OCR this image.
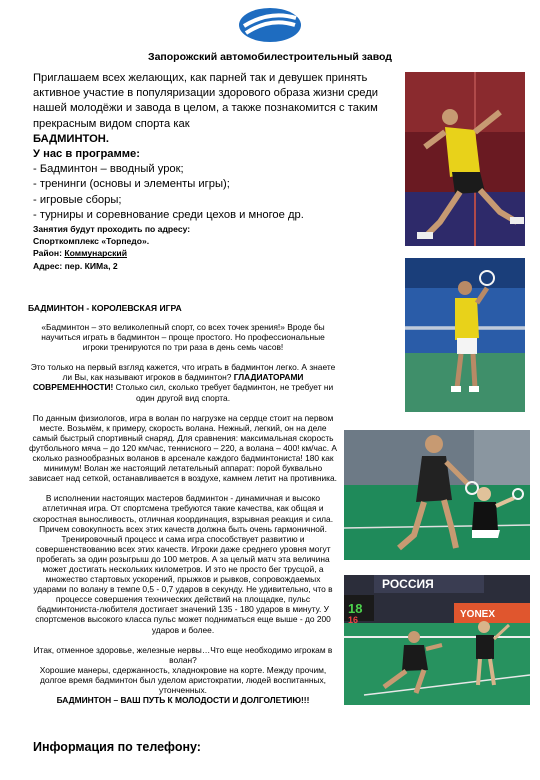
Запорожский автомобилестроительный завод

Приглашаем всех желающих, как парней так и девушек принять активное участие в популяризации здорового образа жизни среди нашей молодёжи и завода в целом, а также познакомится с таким прекрасным видом спорта как

БАДМИНТОН.

У нас в программе:

- Бадминтон – вводный урок;
- тренинги (основы и элементы игры);
- игровые сборы;
- турниры и соревнование среди цехов и многое др.
Занятия будут проходить по адресу:
Спорткомплекс «Торпедо».
Район: Коммунарский
Адрес: пер. КИМа, 2
БАДМИНТОН - КОРОЛЕВСКАЯ ИГРА

«Бадминтон – это великолепный спорт, со всех точек зрения!» Вроде бы научиться играть в бадминтон – проще простого. Но профессиональные игроки тренируются по три раза в день семь часов!

Это только на первый взгляд кажется, что играть в бадминтон легко. А знаете ли Вы, как называют игроков в бадминтон? ГЛАДИАТОРАМИ СОВРЕМЕННОСТИ! Столько сил, сколько требует бадминтон, не требует ни один другой вид спорта.

По данным физиологов, игра в волан по нагрузке на сердце стоит на первом месте. Возьмём, к примеру, скорость волана. Нежный, легкий, он на деле самый быстрый спортивный снаряд. Для сравнения: максимальная скорость футбольного мяча – до 120 км/час, теннисного – 220, а волана – 400! км/час. А сколько разнообразных воланов в арсенале каждого бадминтониста! 180 как минимум! Волан же настоящий летательный аппарат: порой буквально зависает над сеткой, останавливается в воздухе, камнем летит на противника.

В исполнении настоящих мастеров бадминтон - динамичная и высоко атлетичная игра. От спортсмена требуются такие качества, как общая и скоростная выносливость, отличная координация, взрывная реакция и сила. Причем совокупность всех этих качеств должна быть очень гармоничной. Тренировочный процесс и сама игра способствует развитию и совершенствованию всех этих качеств. Игроки даже среднего уровня могут пробегать за один розыгрыш до 100 метров. А за целый матч эта величина может достигать нескольких километров. И это не просто бег трусцой, а множество стартовых ускорений, прыжков и рывков, сопровождаемых ударами по волану в темпе 0,5 - 0,7 ударов в секунду. Не удивительно, что в процессе совершения технических действий на площадке, пульс бадминтониста-любителя достигает значений 135 - 180 ударов в минуту. У спортсменов высокого класса пульс может подниматься еще выше - до 200 ударов и более.

Итак, отменное здоровье, железные нервы…Что еще необходимо игрокам в волан?

Хорошие манеры, сдержанность, хладнокровие на корте. Между прочим, долгое время бадминтон был уделом аристократии, людей воспитанных, утонченных.

БАДМИНТОН – ВАШ ПУТЬ К МОЛОДОСТИ И ДОЛГОЛЕТИЮ!!!

Информация по телефону:
РОССИЯ
18
16	YONEX
